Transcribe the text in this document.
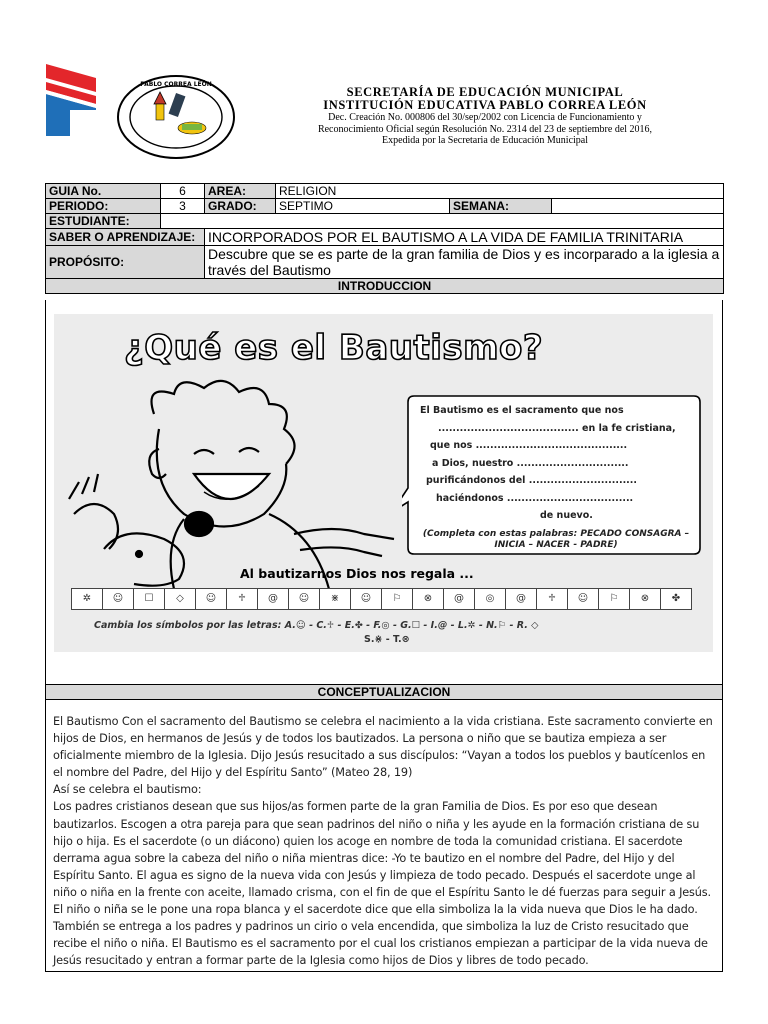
PABLO CORREA LEÓN
SECRETARÍA DE EDUCACIÓN MUNICIPAL
INSTITUCIÓN EDUCATIVA PABLO CORREA LEÓN
Dec. Creación No. 000806 del 30/sep/2002 con Licencia de Funcionamiento y
Reconocimiento Oficial según Resolución No. 2314 del 23 de septiembre del 2016,
Expedida por la Secretaria de Educación Municipal
GUIA No.	6	AREA:	RELIGION		
PERIODO:	3	GRADO:	SEPTIMO	SEMANA:	
ESTUDIANTE:					
SABER O APRENDIZAJE:		INCORPORADOS POR EL BAUTISMO A LA VIDA DE FAMILIA TRINITARIA			
PROPÓSITO:		Descubre que se es parte de la gran familia de Dios y es incorparado a la iglesia a través del Bautismo			
INTRODUCCION					
¿Qué es el Bautismo?
El Bautismo es el sacramento que nos
....................................... en la fe cristiana,
que nos ..........................................
a Dios, nuestro ...............................
purificándonos del ..............................
haciéndonos ...................................
de nuevo.
(Completa con estas palabras: PECADO CONSAGRA – INICIA – NACER - PADRE)
Al bautizarnos Dios nos regala ...
✲	☺	☐	◇	☺	♱	@	☺	⋇	☺	⚐	⊗	@	◎	@	♱	☺	⚐	⊗	✤
Cambia los símbolos por las letras: A.☺ - C.♱ - E.✤ - F.◎ - G.☐ - I.@ - L.✲ - N.⚐ - R. ◇
S.⋇ - T.⊗
CONCEPTUALIZACION

El Bautismo Con el sacramento del Bautismo se celebra el nacimiento a la vida cristiana. Este sacramento convierte en hijos de Dios, en hermanos de Jesús y de todos los bautizados. La persona o niño que se bautiza empieza a ser oficialmente miembro de la Iglesia. Dijo Jesús resucitado a sus discípulos: “Vayan a todos los pueblos y bautícenlos en el nombre del Padre, del Hijo y del Espíritu Santo” (Mateo 28, 19)

Así se celebra el bautismo:

Los padres cristianos desean que sus hijos/as formen parte de la gran Familia de Dios. Es por eso que desean bautizarlos. Escogen a otra pareja para que sean padrinos del niño o niña y les ayude en la formación cristiana de su hijo o hija. Es el sacerdote (o un diácono) quien los acoge en nombre de toda la comunidad cristiana. El sacerdote derrama agua sobre la cabeza del niño o niña mientras dice: -Yo te bautizo en el nombre del Padre, del Hijo y del Espíritu Santo. El agua es signo de la nueva vida con Jesús y limpieza de todo pecado. Después el sacerdote unge al niño o niña en la frente con aceite, llamado crisma, con el fin de que el Espíritu Santo le dé fuerzas para seguir a Jesús. El niño o niña se le pone una ropa blanca y el sacerdote dice que ella simboliza la la vida nueva que Dios le ha dado. También se entrega a los padres y padrinos un cirio o vela encendida, que simboliza la luz de Cristo resucitado que recibe el niño o niña. El Bautismo es el sacramento por el cual los cristianos empiezan a participar de la vida nueva de Jesús resucitado y entran a formar parte de la Iglesia como hijos de Dios y libres de todo pecado.
